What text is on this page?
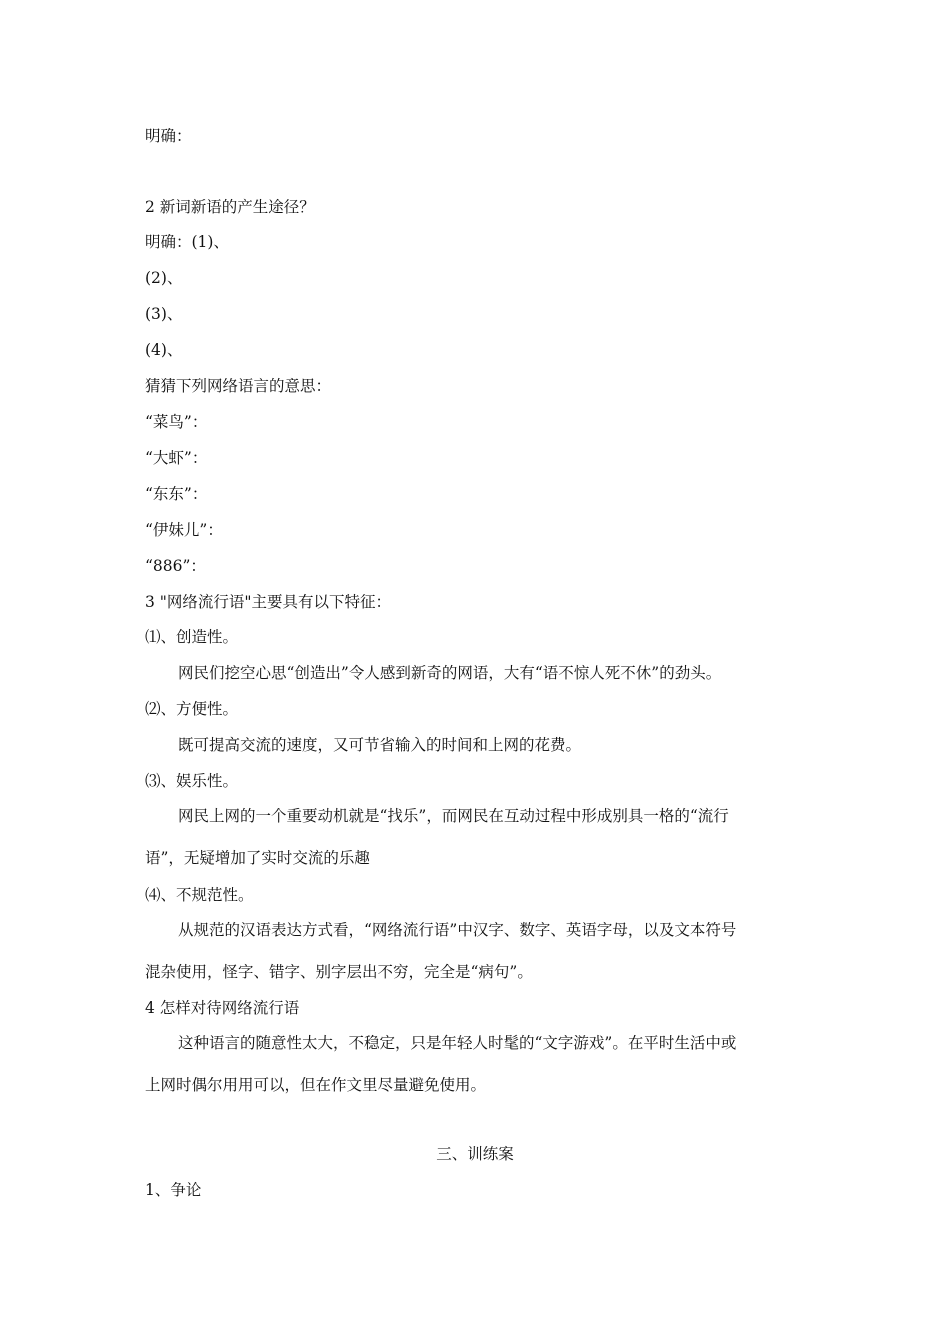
明确：
2 新词新语的产生途径？
明确：(1)、
(2)、
(3)、
(4)、
猜猜下列网络语言的意思：
“菜鸟”：
“大虾”：
“东东”：
“伊妹儿”：
“886”：
3 "网络流行语"主要具有以下特征：
⑴、创造性。
网民们挖空心思“创造出”令人感到新奇的网语，大有“语不惊人死不休”的劲头。
⑵、方便性。
既可提高交流的速度，又可节省输入的时间和上网的花费。
⑶、娱乐性。
网民上网的一个重要动机就是“找乐”，而网民在互动过程中形成别具一格的“流行
语”，无疑增加了实时交流的乐趣
⑷、不规范性。
从规范的汉语表达方式看，“网络流行语”中汉字、数字、英语字母，以及文本符号
混杂使用，怪字、错字、别字层出不穷，完全是“病句”。
4 怎样对待网络流行语
这种语言的随意性太大，不稳定，只是年轻人时髦的“文字游戏”。在平时生活中或
上网时偶尔用用可以，但在作文里尽量避免使用。
三、训练案
1、争论
